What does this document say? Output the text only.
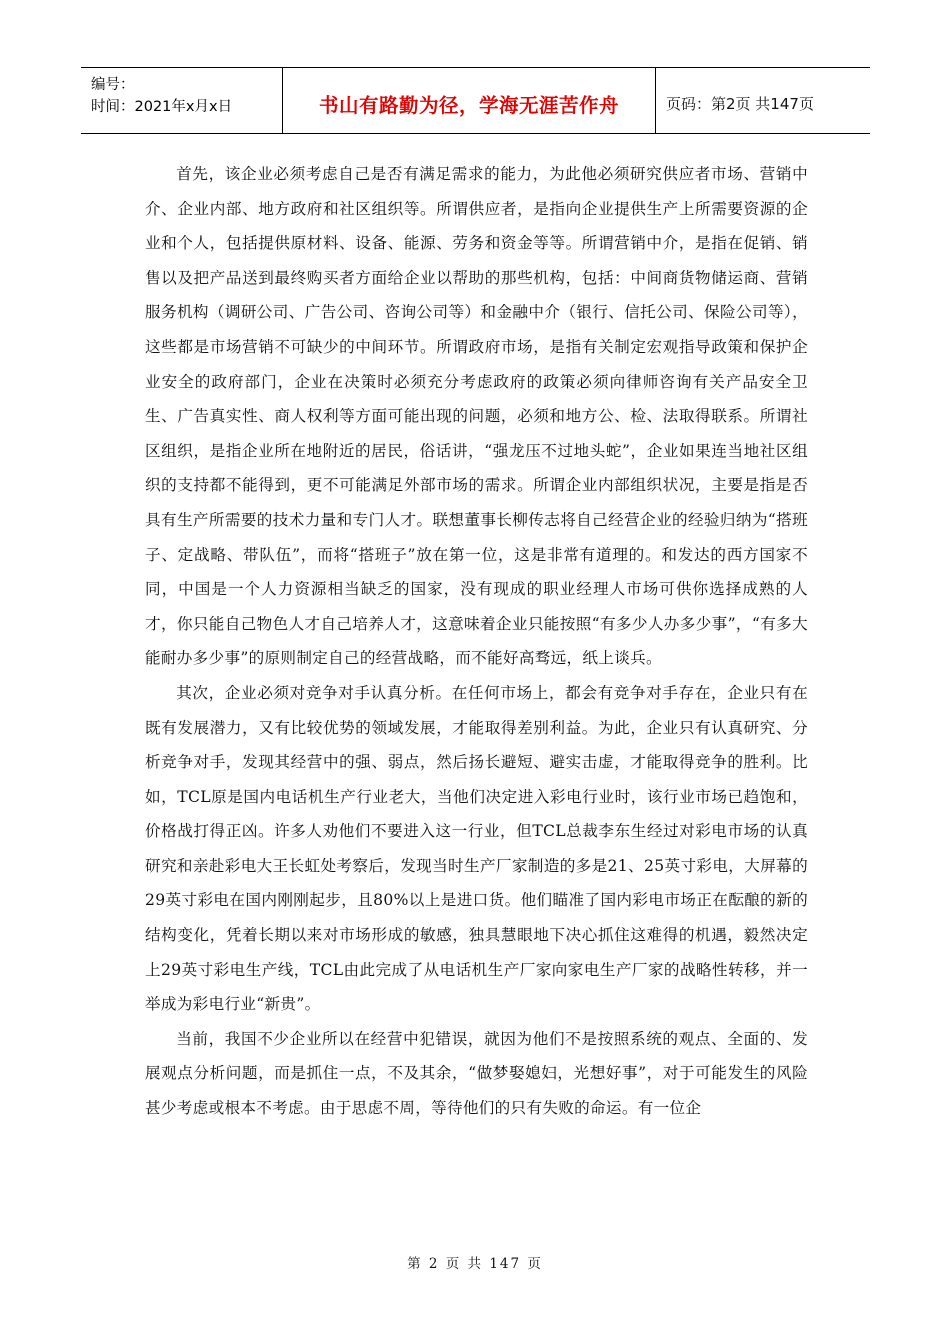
编号：
时间：2021年x月x日	书山有路勤为径，学海无涯苦作舟	页码：第2页 共147页

首先，该企业必须考虑自己是否有满足需求的能力，为此他必须研究供应者市场、营销中介、企业内部、地方政府和社区组织等。所谓供应者，是指向企业提供生产上所需要资源的企业和个人，包括提供原材料、设备、能源、劳务和资金等等。所谓营销中介，是指在促销、销售以及把产品送到最终购买者方面给企业以帮助的那些机构，包括：中间商货物储运商、营销服务机构（调研公司、广告公司、咨询公司等）和金融中介（银行、信托公司、保险公司等），这些都是市场营销不可缺少的中间环节。所谓政府市场，是指有关制定宏观指导政策和保护企业安全的政府部门，企业在决策时必须充分考虑政府的政策必须向律师咨询有关产品安全卫生、广告真实性、商人权利等方面可能出现的问题，必须和地方公、检、法取得联系。所谓社区组织，是指企业所在地附近的居民，俗话讲，“强龙压不过地头蛇”，企业如果连当地社区组织的支持都不能得到，更不可能满足外部市场的需求。所谓企业内部组织状况，主要是指是否具有生产所需要的技术力量和专门人才。联想董事长柳传志将自己经营企业的经验归纳为“搭班子、定战略、带队伍”，而将“搭班子”放在第一位，这是非常有道理的。和发达的西方国家不同，中国是一个人力资源相当缺乏的国家，没有现成的职业经理人市场可供你选择成熟的人才，你只能自己物色人才自己培养人才，这意味着企业只能按照“有多少人办多少事”，“有多大能耐办多少事”的原则制定自己的经营战略，而不能好高骛远，纸上谈兵。

其次，企业必须对竞争对手认真分析。在任何市场上，都会有竞争对手存在，企业只有在既有发展潜力，又有比较优势的领域发展，才能取得差别利益。为此，企业只有认真研究、分析竞争对手，发现其经营中的强、弱点，然后扬长避短、避实击虚，才能取得竞争的胜利。比如，TCL原是国内电话机生产行业老大，当他们决定进入彩电行业时，该行业市场已趋饱和，价格战打得正凶。许多人劝他们不要进入这一行业，但TCL总裁李东生经过对彩电市场的认真研究和亲赴彩电大王长虹处考察后，发现当时生产厂家制造的多是21、25英寸彩电，大屏幕的29英寸彩电在国内刚刚起步，且80%以上是进口货。他们瞄准了国内彩电市场正在酝酿的新的结构变化，凭着长期以来对市场形成的敏感，独具慧眼地下决心抓住这难得的机遇，毅然决定上29英寸彩电生产线，TCL由此完成了从电话机生产厂家向家电生产厂家的战略性转移，并一举成为彩电行业“新贵”。

当前，我国不少企业所以在经营中犯错误，就因为他们不是按照系统的观点、全面的、发展观点分析问题，而是抓住一点，不及其余，“做梦娶媳妇，光想好事”，对于可能发生的风险甚少考虑或根本不考虑。由于思虑不周，等待他们的只有失败的命运。有一位企

第 2 页 共 147 页
